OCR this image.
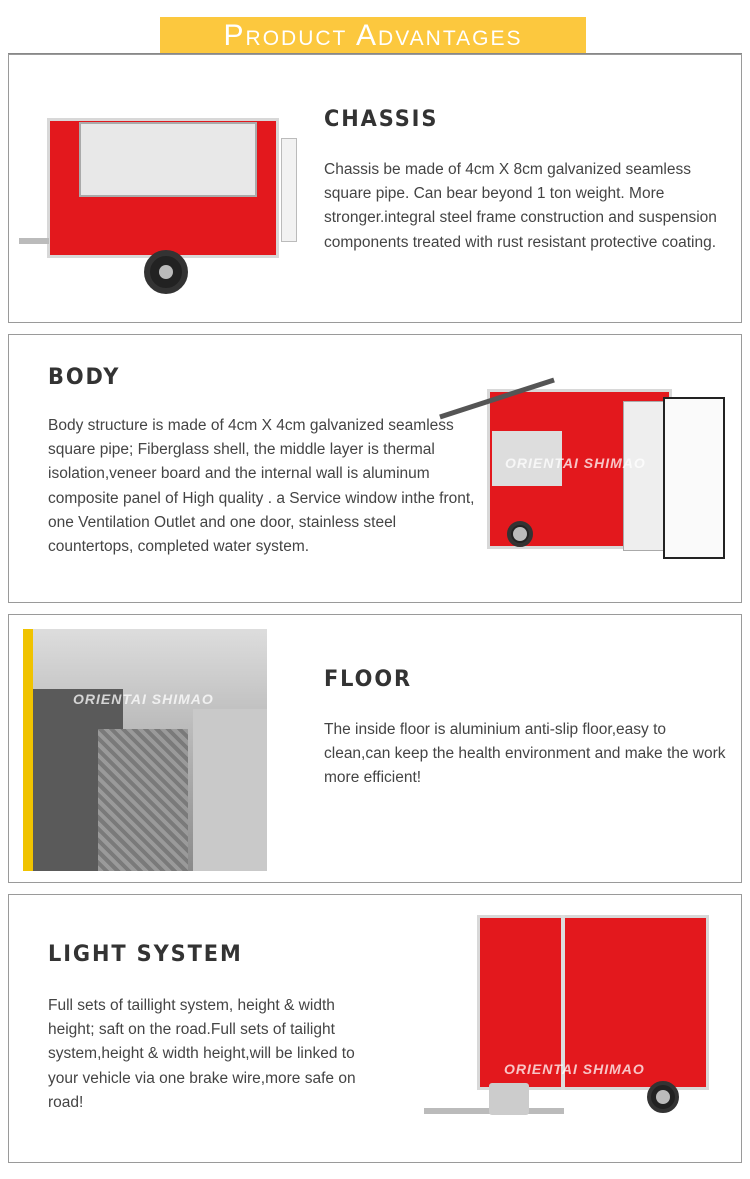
Product Advantages
CHASSIS
Chassis be made of 4cm X 8cm galvanized seamless square pipe. Can bear beyond 1 ton weight. More stronger.integral steel frame construction and suspension components treated with rust resistant protective coating.
BODY
Body structure is made of 4cm X 4cm galvanized seamless square pipe; Fiberglass shell, the middle layer is thermal isolation,veneer board and the internal wall is aluminum composite panel of High quality . a Service window inthe front, one Ventilation Outlet and one door, stainless steel countertops, completed water system.
ORIENTAI SHIMAO
ORIENTAI SHIMAO
FLOOR
The inside floor is aluminium anti-slip floor,easy to clean,can keep the health environment and make the work more efficient!
LIGHT SYSTEM
Full sets of taillight system, height & width height; saft on the road.Full sets of tailight system,height & width height,will be linked to your vehicle via one brake wire,more safe on road!
ORIENTAI SHIMAO
